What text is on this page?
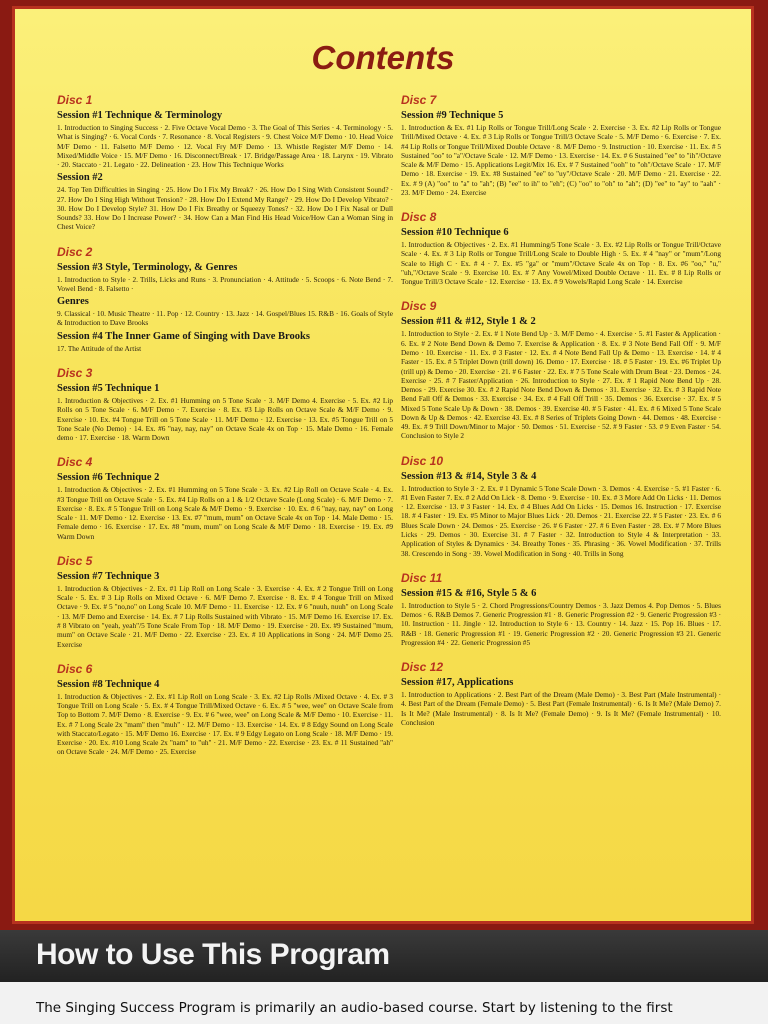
Contents
Disc 1
Session #1 Technique & Terminology
1. Introduction to Singing Success · 2. Five Octave Vocal Demo · 3. The Goal of This Series · 4. Terminology · 5. What is Singing? · 6. Vocal Cords · 7. Resonance · 8. Vocal Registers · 9. Chest Voice M/F Demo · 10. Head Voice M/F Demo · 11. Falsetto M/F Demo · 12. Vocal Fry M/F Demo · 13. Whistle Register M/F Demo · 14. Mixed/Middle Voice · 15. M/F Demo · 16. Disconnect/Break · 17. Bridge/Passage Area · 18. Larynx · 19. Vibrato · 20. Staccato · 21. Legato · 22. Delineation · 23. How This Technique Works
Session #2
24. Top Ten Difficulties in Singing · 25. How Do I Fix My Break? · 26. How Do I Sing With Consistent Sound? · 27. How Do I Sing High Without Tension? · 28. How Do I Extend My Range? · 29. How Do I Develop Vibrato? · 30. How Do I Develop Style? 31. How Do I Fix Breathy or Squeezy Tones? · 32. How Do I Fix Nasal or Dull Sounds? 33. How Do I Increase Power? · 34. How Can a Man Find His Head Voice/How Can a Woman Sing in Chest Voice?
Disc 2
Session #3 Style, Terminology, & Genres
1. Introduction to Style · 2. Trills, Licks and Runs · 3. Pronunciation · 4. Attitude · 5. Scoops · 6. Note Bend · 7. Vowel Bend · 8. Falsetto ·
Genres
9. Classical · 10. Music Theatre · 11. Pop · 12. Country · 13. Jazz · 14. Gospel/Blues 15. R&B · 16. Goals of Style & Introduction to Dave Brooks
Session #4 The Inner Game of Singing with Dave Brooks
17. The Attitude of the Artist
Disc 3
Session #5 Technique 1
1. Introduction & Objectives · 2. Ex. #1 Humming on 5 Tone Scale · 3. M/F Demo 4. Exercise · 5. Ex. #2 Lip Rolls on 5 Tone Scale · 6. M/F Demo · 7. Exercise · 8. Ex. #3 Lip Rolls on Octave Scale & M/F Demo · 9. Exercise · 10. Ex. #4 Tongue Trill on 5 Tone Scale · 11. M/F Demo · 12. Exercise · 13. Ex. #5 Tongue Trill on 5 Tone Scale (No Demo) · 14. Ex. #6 "nay, nay, nay" on Octave Scale 4x on Top · 15. Male Demo · 16. Female demo · 17. Exercise · 18. Warm Down
Disc 4
Session #6 Technique 2
1. Introduction & Objectives · 2. Ex. #1 Humming on 5 Tone Scale · 3. Ex. #2 Lip Roll on Octave Scale · 4. Ex. #3 Tongue Trill on Octave Scale · 5. Ex. #4 Lip Rolls on a 1 & 1/2 Octave Scale (Long Scale) · 6. M/F Demo · 7. Exercise · 8. Ex. # 5 Tongue Trill on Long Scale & M/F Demo · 9. Exercise · 10. Ex. # 6 "nay, nay, nay" on Long Scale · 11. M/F Demo · 12. Exercise · 13. Ex. #7 "mum, mum" on Octave Scale 4x on Top · 14. Male Demo · 15. Female demo · 16. Exercise · 17. Ex. #8 "mum, mum" on Long Scale & M/F Demo · 18. Exercise · 19. Ex. #9 Warm Down
Disc 5
Session #7 Technique 3
1. Introduction & Objectives · 2. Ex. #1 Lip Roll on Long Scale · 3. Exercise · 4. Ex. # 2 Tongue Trill on Long Scale · 5. Ex. # 3 Lip Rolls on Mixed Octave · 6. M/F Demo 7. Exercise · 8. Ex. # 4 Tongue Trill on Mixed Octave · 9. Ex. # 5 "no,no" on Long Scale 10. M/F Demo · 11. Exercise · 12. Ex. # 6 "nuuh, nuuh" on Long Scale · 13. M/F Demo and Exercise · 14. Ex. # 7 Lip Rolls Sustained with Vibrato · 15. M/F Demo 16. Exercise 17. Ex. # 8 Vibrato on "yeah, yeah"/5 Tone Scale From Top · 18. M/F Demo · 19. Exercise · 20. Ex. #9 Sustained "mum, mum" on Octave Scale · 21. M/F Demo · 22. Exercise · 23. Ex. # 10 Applications in Song · 24. M/F Demo 25. Exercise
Disc 6
Session #8 Technique 4
1. Introduction & Objectives · 2. Ex. #1 Lip Roll on Long Scale · 3. Ex. #2 Lip Rolls /Mixed Octave · 4. Ex. # 3 Tongue Trill on Long Scale · 5. Ex. # 4 Tongue Trill/Mixed Octave · 6. Ex. # 5 "wee, wee" on Octave Scale from Top to Bottom 7. M/F Demo · 8. Exercise · 9. Ex. # 6 "wee, wee" on Long Scale & M/F Demo · 10. Exercise · 11. Ex. # 7 Long Scale 2x "mam" then "muh" · 12. M/F Demo · 13. Exercise · 14. Ex. # 8 Edgy Sound on Long Scale with Staccato/Legato · 15. M/F Demo 16. Exercise · 17. Ex. # 9 Edgy Legato on Long Scale · 18. M/F Demo · 19. Exercise · 20. Ex. #10 Long Scale 2x "nam" to "uh" · 21. M/F Demo · 22. Exercise · 23. Ex. # 11 Sustained "ah" on Octave Scale · 24. M/F Demo · 25. Exercise
Disc 7
Session #9 Technique 5
1. Introduction & Ex. #1 Lip Rolls or Tongue Trill/Long Scale · 2. Exercise · 3. Ex. #2 Lip Rolls or Tongue Trill/Mixed Octave · 4. Ex. # 3 Lip Rolls or Tongue Trill/3 Octave Scale · 5. M/F Demo · 6. Exercise · 7. Ex. #4 Lip Rolls or Tongue Trill/Mixed Double Octave · 8. M/F Demo · 9. Instruction · 10. Exercise · 11. Ex. # 5 Sustained "oo" to "a"/Octave Scale · 12. M/F Demo · 13. Exercise · 14. Ex. # 6 Sustained "ee" to "ih"/Octave Scale & M/F Demo · 15. Applications Legit/Mix 16. Ex. # 7 Sustained "ooh" to "oh"/Octave Scale · 17. M/F Demo · 18. Exercise · 19. Ex. #8 Sustained "ee" to "uy"/Octave Scale · 20. M/F Demo · 21. Exercise · 22. Ex. # 9 (A) "oo" to "a" to "ah"; (B) "ee" to ih" to "eh"; (C) "oo" to "oh" to "ah"; (D) "ee" to "ay" to "aah" · 23. M/F Demo · 24. Exercise
Disc 8
Session #10 Technique 6
1. Introduction & Objectives · 2. Ex. #1 Humming/5 Tone Scale · 3. Ex. #2 Lip Rolls or Tongue Trill/Octave Scale · 4. Ex. # 3 Lip Rolls or Tongue Trill/Long Scale to Double High · 5. Ex. # 4 "nay" or "mum"/Long Scale to High C · Ex. # 4 · 7. Ex. #5 "ga" or "mum"/Octave Scale 4x on Top · 8. Ex. #6 "oo," "u," "uh,"/Octave Scale · 9. Exercise 10. Ex. # 7 Any Vowel/Mixed Double Octave · 11. Ex. # 8 Lip Rolls or Tongue Trill/3 Octave Scale · 12. Exercise · 13. Ex. # 9 Vowels/Rapid Long Scale · 14. Exercise
Disc 9
Session #11 & #12, Style 1 & 2
1. Introduction to Style · 2. Ex. # 1 Note Bend Up · 3. M/F Demo · 4. Exercise · 5. #1 Faster & Application · 6. Ex. # 2 Note Bend Down & Demo 7. Exercise & Application · 8. Ex. # 3 Note Bend Fall Off · 9. M/F Demo · 10. Exercise · 11. Ex. # 3 Faster · 12. Ex. # 4 Note Bend Fall Up & Demo · 13. Exercise · 14. # 4 Faster · 15. Ex. # 5 Triplet Down (trill down) 16. Demo · 17. Exercise · 18. # 5 Faster · 19. Ex. #6 Triplet Up (trill up) & Demo · 20. Exercise · 21. # 6 Faster · 22. Ex. # 7 5 Tone Scale with Drum Beat · 23. Demos · 24. Exercise · 25. # 7 Faster/Application · 26. Introduction to Style · 27. Ex. # 1 Rapid Note Bend Up · 28. Demos · 29. Exercise 30. Ex. # 2 Rapid Note Bend Down & Demos · 31. Exercise · 32. Ex. # 3 Rapid Note Bend Fall Off & Demos · 33. Exercise · 34. Ex. # 4 Fall Off Trill · 35. Demos · 36. Exercise · 37. Ex. # 5 Mixed 5 Tone Scale Up & Down · 38. Demos · 39. Exercise 40. # 5 Faster · 41. Ex. # 6 Mixed 5 Tone Scale Down & Up & Demos · 42. Exercise 43. Ex. # 8 Series of Triplets Going Down · 44. Demos · 48. Exercise · 49. Ex. # 9 Trill Down/Minor to Major · 50. Demos · 51. Exercise · 52. # 9 Faster · 53. # 9 Even Faster · 54. Conclusion to Style 2
Disc 10
Session #13 & #14, Style 3 & 4
1. Introduction to Style 3 · 2. Ex. # 1 Dynamic 5 Tone Scale Down · 3. Demos · 4. Exercise · 5. #1 Faster · 6. #1 Even Faster 7. Ex. # 2 Add On Lick · 8. Demo · 9. Exercise · 10. Ex. # 3 More Add On Licks · 11. Demos · 12. Exercise · 13. # 3 Faster · 14. Ex. # 4 Blues Add On Licks · 15. Demos 16. Instruction · 17. Exercise 18. # 4 Faster · 19. Ex. #5 Minor to Major Blues Lick · 20. Demos · 21. Exercise 22. # 5 Faster · 23. Ex. # 6 Blues Scale Down · 24. Demos · 25. Exercise · 26. # 6 Faster · 27. # 6 Even Faster · 28. Ex. # 7 More Blues Licks · 29. Demos · 30. Exercise 31. # 7 Faster · 32. Introduction to Style 4 & Interpretation · 33. Application of Styles & Dynamics · 34. Breathy Tones · 35. Phrasing · 36. Vowel Modification · 37. Trills 38. Crescendo in Song · 39. Vowel Modification in Song · 40. Trills in Song
Disc 11
Session #15 & #16, Style 5 & 6
1. Introduction to Style 5 · 2. Chord Progressions/Country Demos · 3. Jazz Demos 4. Pop Demos · 5. Blues Demos · 6. R&B Demos 7. Generic Progression #1 · 8. Generic Progression #2 · 9. Generic Progression #3 · 10. Instruction · 11. Jingle · 12. Introduction to Style 6 · 13. Country · 14. Jazz · 15. Pop 16. Blues · 17. R&B · 18. Generic Progression #1 · 19. Generic Progression #2 · 20. Generic Progression #3 21. Generic Progression #4 · 22. Generic Progression #5
Disc 12
Session #17, Applications
1. Introduction to Applications · 2. Best Part of the Dream (Male Demo) · 3. Best Part (Male Instrumental) · 4. Best Part of the Dream (Female Demo) · 5. Best Part (Female Instrumental) · 6. Is It Me? (Male Demo) 7. Is It Me? (Male Instrumental) · 8. Is It Me? (Female Demo) · 9. Is It Me? (Female Instrumental) · 10. Conclusion
How to Use This Program
The Singing Success Program is primarily an audio-based course. Start by listening to the first
